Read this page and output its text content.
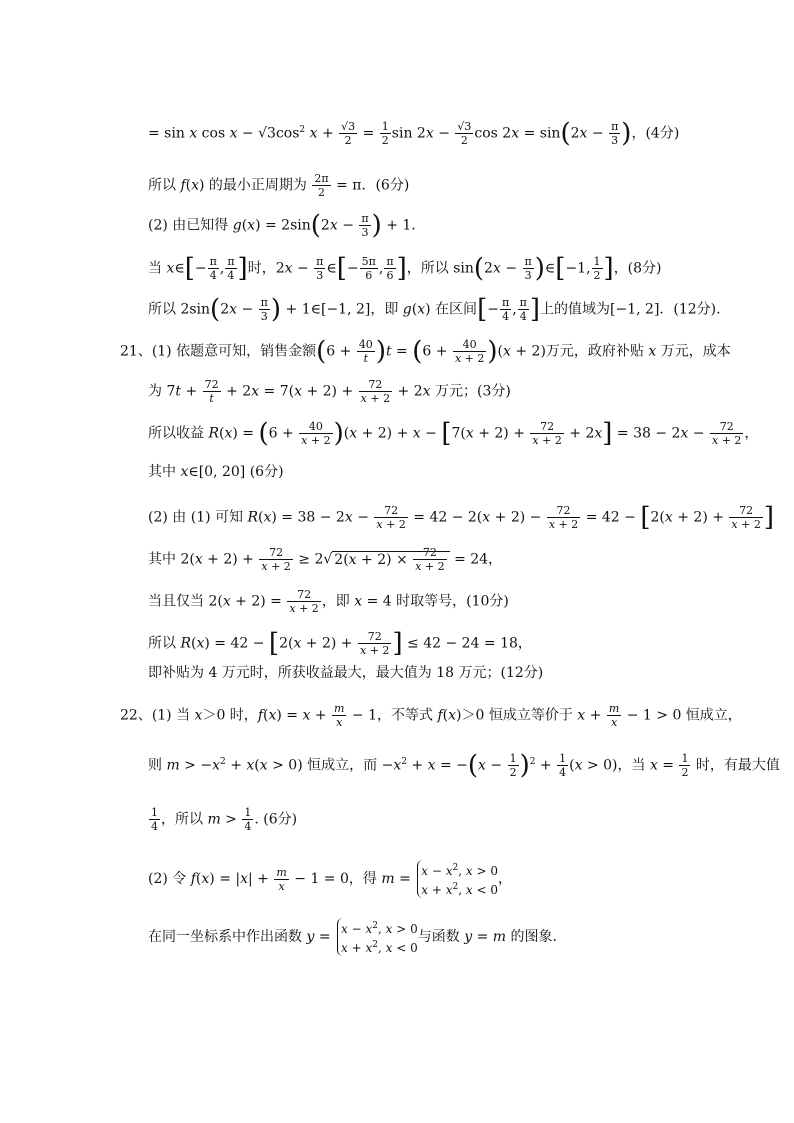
= sin x $\cos x - √3\cos^2$ $x + \frac{√3}{2} = \frac{1}{2}$ $\sin 2x - \frac{√3}{2}$ $\cos 2x = \sin(2x - \frac{\pi}{3}$ )，(4分)
所以 f(x) 的最小正周期为 $\frac{2\pi}{2} = \pi$．(6分)
(2) 由已知得 $g(x) = 2\sin(2x - \frac{\pi}{3}$ ) + 1．
当 x∈[− $\frac{\pi}{4}$ , $\frac{\pi}{4}$ ]时，$2x - \frac{\pi}{3}$ ∈[− $\frac{5\pi}{6}$ , $\frac{\pi}{6}$ ]，所以 $\sin(2x - \frac{\pi}{3}$ )∈[−1, $\frac{1}{2}$ ]，(8分)
所以 $2\sin(2x - \frac{\pi}{3}$ ) + 1∈[−1, 2]，即 g(x) 在区间[− $\frac{\pi}{4}$ , $\frac{\pi}{4}$ ]上的值域为[−1, 2]．(12分).
21、(1) 依题意可知，销售金额$(6 + \frac{40}{t} )t = (6 + \frac{40}{x + 2} )(x + 2)$万元，政府补贴 x 万元，成本
为 $7t + \frac{72}{t} + 2x = 7(x + 2) + \frac{72}{x + 2} + 2x$ 万元；(3分)
所以收益 $R(x) = (6 + \frac{40}{x + 2} )(x + 2) + x - [7(x + 2) + \frac{72}{x + 2} + 2x] = 38 - 2x - \frac{72}{x + 2}$ ，
其中 x∈[0, 20] (6分)
(2) 由 (1) 可知 $R(x) = 38 - 2x - \frac{72}{x + 2} = 42 - 2(x + 2) - \frac{72}{x + 2} = 42 - [2(x + 2) + \frac{72}{x + 2}$ ]
其中 $2(x + 2) + \frac{72}{x + 2} \ge 2√$ $2(x + 2) \times \frac{72}{x + 2} = 24$，
当且仅当 $2(x + 2) = \frac{72}{x + 2}$ ，即 x = 4 时取等号，(10分)
所以 $R(x) = 42 - [2(x + 2) + \frac{72}{x + 2}$ ] ≤ 42 − 24 = 18，
即补贴为 4 万元时，所获收益最大，最大值为 18 万元；(12分)
22、(1) 当 x＞0 时，$f(x) = x + \frac{m}{x} - 1$，不等式 f(x)＞0 恒成立等价于 $x + \frac{m}{x} - 1 > 0$ 恒成立，
则 $m > -x^2 + x(x > 0)$ 恒成立，而 $-x^2 + x = -(x - \frac{1}{2} )^2 + \frac{1}{4} (x > 0)$，当 $x = \frac{1}{2}$ 时，有最大值
$\frac{1}{4}$ ，所以 $m > \frac{1}{4}$ . (6分)
(2) 令 $f(x) = |x| + \frac{m}{x} - 1 = 0$，得 $m = x - x^2$, x > 0
$x + x^2$, x < 0，
在同一坐标系中作出函数 $y = x - x^2$, x > 0
$x + x^2$, x < 0与函数 y = m 的图象．
